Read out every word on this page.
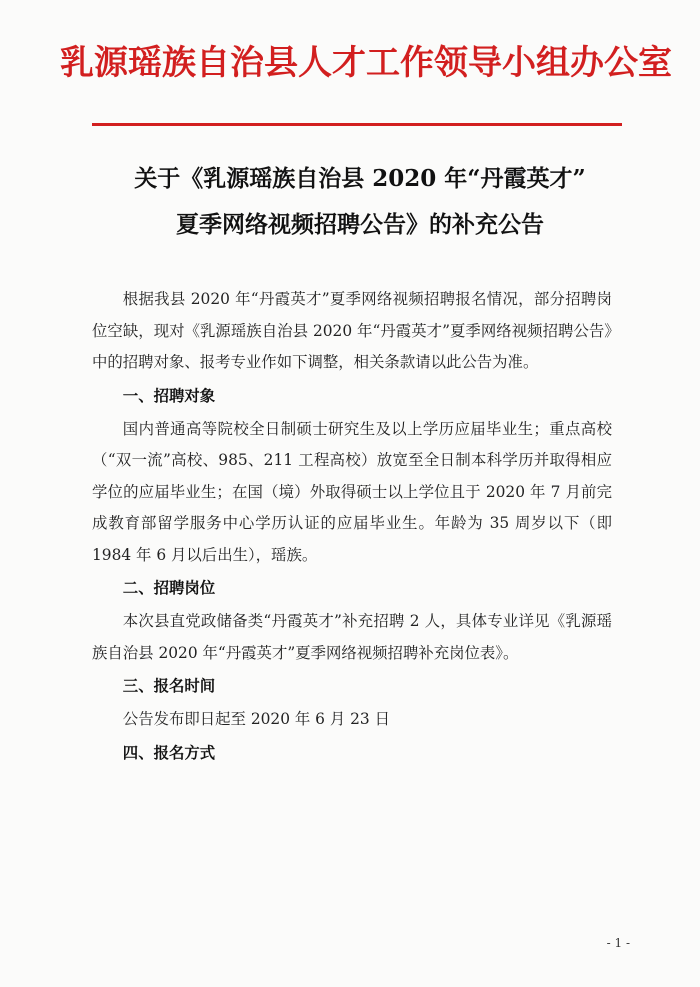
乳源瑶族自治县人才工作领导小组办公室
关于《乳源瑶族自治县 2020 年“丹霞英才”
夏季网络视频招聘公告》的补充公告

根据我县 2020 年“丹霞英才”夏季网络视频招聘报名情况，部分招聘岗位空缺，现对《乳源瑶族自治县 2020 年“丹霞英才”夏季网络视频招聘公告》中的招聘对象、报考专业作如下调整，相关条款请以此公告为准。

一、招聘对象

国内普通高等院校全日制硕士研究生及以上学历应届毕业生；重点高校（“双一流”高校、985、211 工程高校）放宽至全日制本科学历并取得相应学位的应届毕业生；在国（境）外取得硕士以上学位且于 2020 年 7 月前完成教育部留学服务中心学历认证的应届毕业生。年龄为 35 周岁以下（即 1984 年 6 月以后出生），瑶族。

二、招聘岗位

本次县直党政储备类“丹霞英才”补充招聘 2 人，具体专业详见《乳源瑶族自治县 2020 年“丹霞英才”夏季网络视频招聘补充岗位表》。

三、报名时间

公告发布即日起至 2020 年 6 月 23 日

四、报名方式

- 1 -
